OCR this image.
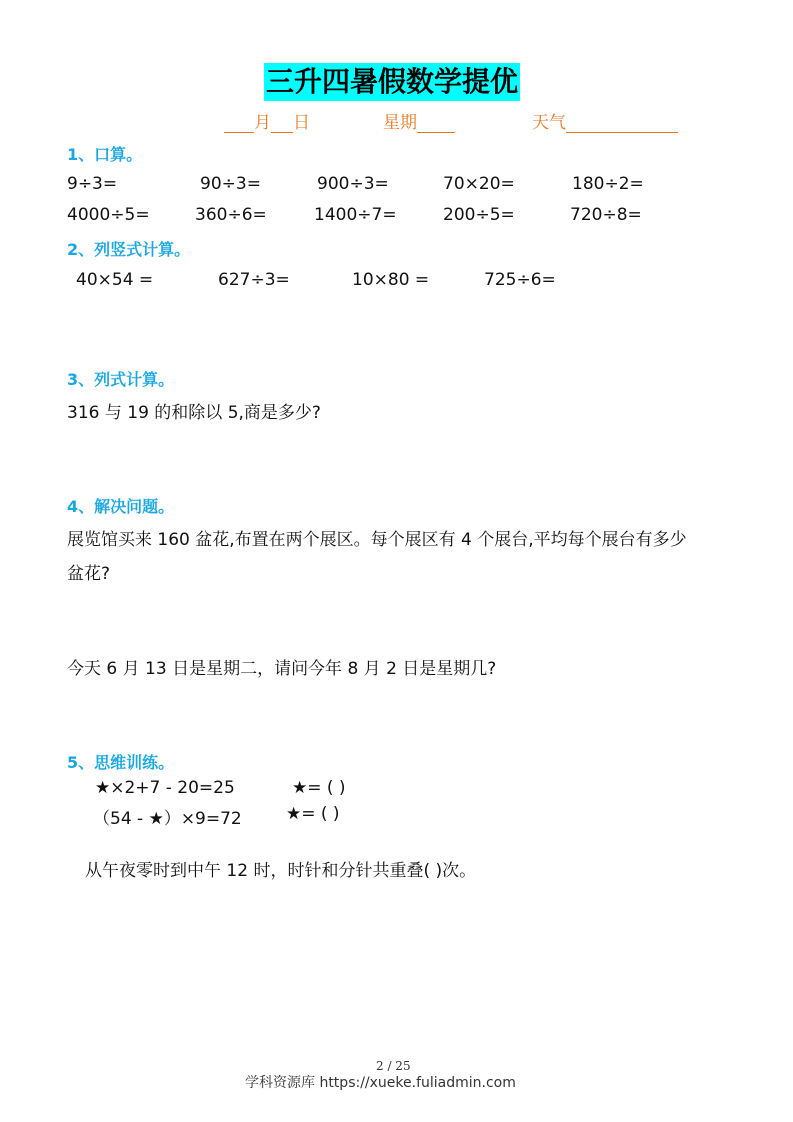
三升四暑假数学提优
月 日	星期	天气
1、口算。
9÷3=	90÷3=	900÷3=	70×20=	180÷2=
4000÷5=	360÷6=	1400÷7=	200÷5=	720÷8=
2、列竖式计算。
40×54 =	627÷3=	10×80 =	725÷6=
3、列式计算。
316 与 19 的和除以 5,商是多少?
4、解决问题。
展览馆买来 160 盆花,布置在两个展区。每个展区有 4 个展台,平均每个展台有多少
盆花?
今天 6 月 13 日是星期二，请问今年 8 月 2 日是星期几?
5、思维训练。
★×2+7 - 20=25	★= ( )
（54 - ★）×9=72	★= ( )
从午夜零时到中午 12 时，时针和分针共重叠( )次。
2 / 25
学科资源库 https://xueke.fuliadmin.com
